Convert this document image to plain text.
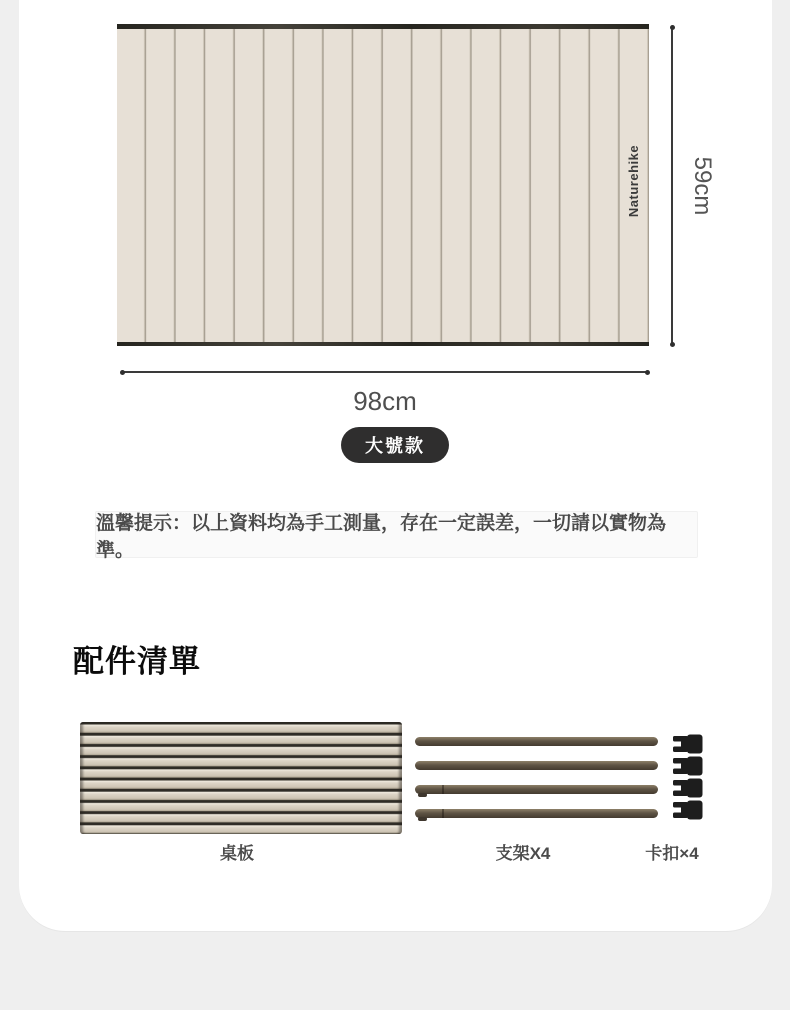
Naturehike 59cm
98cm
大號款
溫馨提示：以上資料均為手工測量，存在一定誤差，一切請以實物為準。
配件清單
桌板	支架X4	卡扣×4
